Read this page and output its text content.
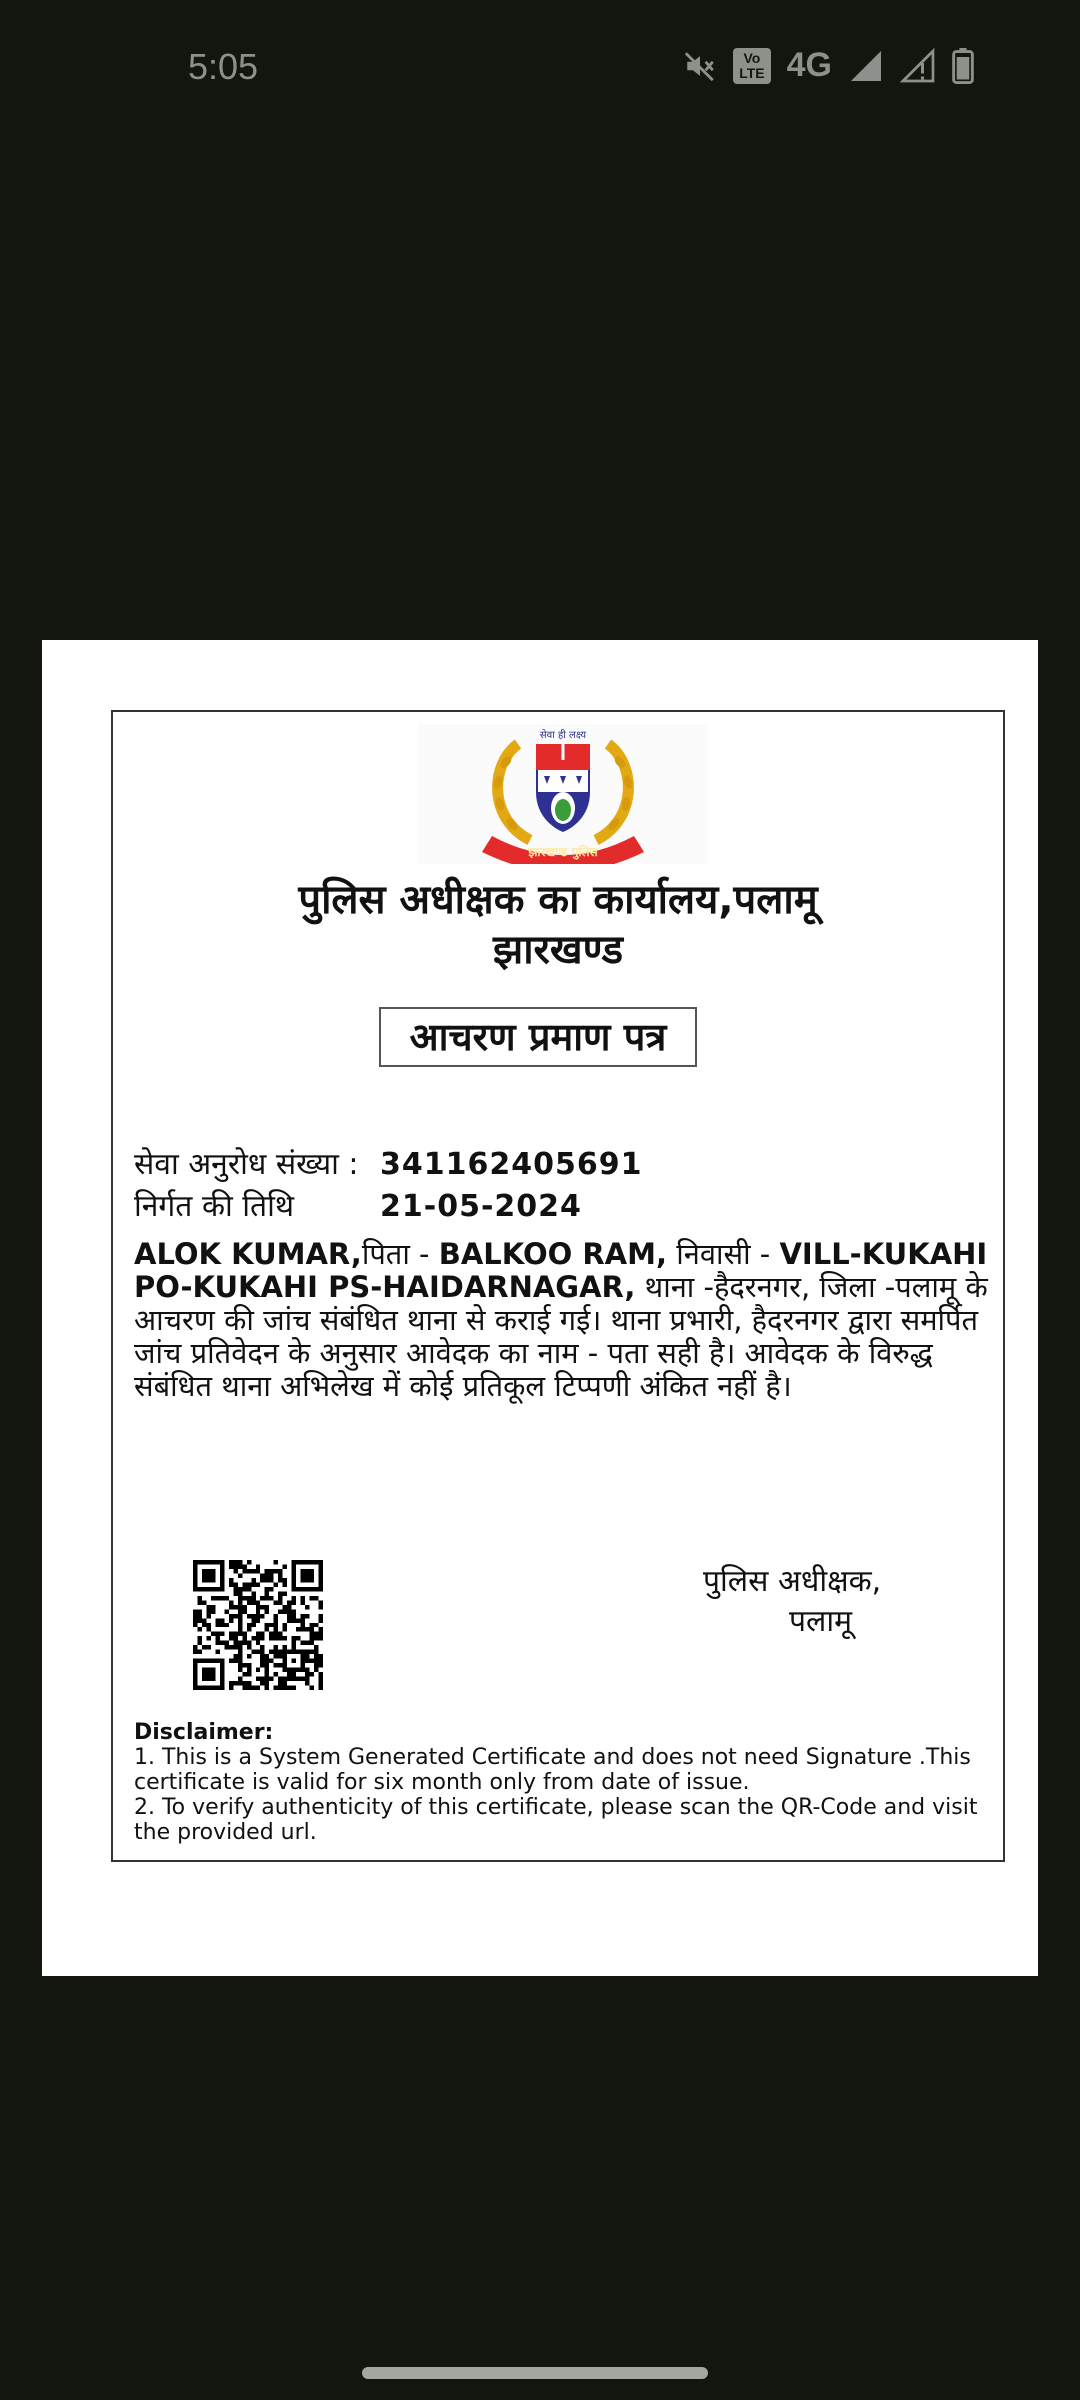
5:05	Vo
LTE 4G
सेवा ही लक्ष्य
झारखण्ड पुलिस
पुलिस अधीक्षक का कार्यालय,पलामू
झारखण्ड
आचरण प्रमाण पत्र
सेवा अनुरोध संख्या : 341162405691
निर्गत की तिथि	21-05-2024
ALOK KUMAR,पिता - BALKOO RAM, निवासी - VILL-KUKAHI PO-KUKAHI PS-HAIDARNAGAR, थाना -हैदरनगर, जिला -पलामू के आचरण की जांच संबंधित थाना से कराई गई। थाना प्रभारी, हैदरनगर द्वारा समर्पित जांच प्रतिवेदन के अनुसार आवेदक का नाम - पता सही है। आवेदक के विरुद्ध संबंधित थाना अभिलेख में कोई प्रतिकूल टिप्पणी अंकित नहीं है।
पुलिस अधीक्षक,
पलामू
Disclaimer:
1. This is a System Generated Certificate and does not need Signature .This certificate is valid for six month only from date of issue.
2. To verify authenticity of this certificate, please scan the QR-Code and visit the provided url.
